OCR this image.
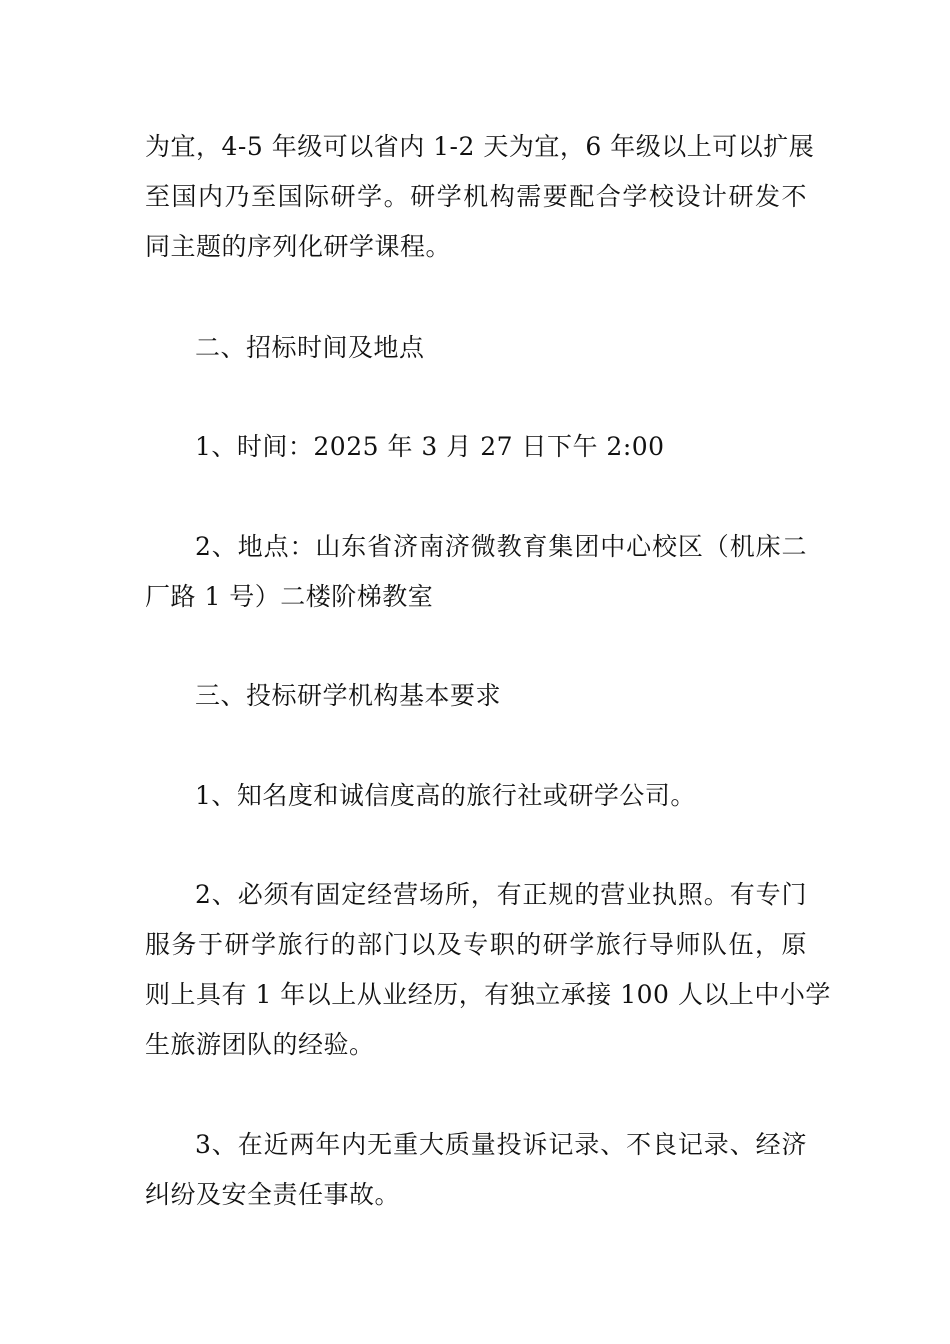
为宜，4-5 年级可以省内 1-2 天为宜，6 年级以上可以扩展
至国内乃至国际研学。研学机构需要配合学校设计研发不
同主题的序列化研学课程。

二、招标时间及地点

1、时间：2025 年 3 月 27 日下午 2:00

2、地点：山东省济南济微教育集团中心校区（机床二
厂路 1 号）二楼阶梯教室

三、投标研学机构基本要求

1、知名度和诚信度高的旅行社或研学公司。

2、必须有固定经营场所，有正规的营业执照。有专门
服务于研学旅行的部门以及专职的研学旅行导师队伍，原
则上具有 1 年以上从业经历，有独立承接 100 人以上中小学
生旅游团队的经验。

3、在近两年内无重大质量投诉记录、不良记录、经济
纠纷及安全责任事故。
